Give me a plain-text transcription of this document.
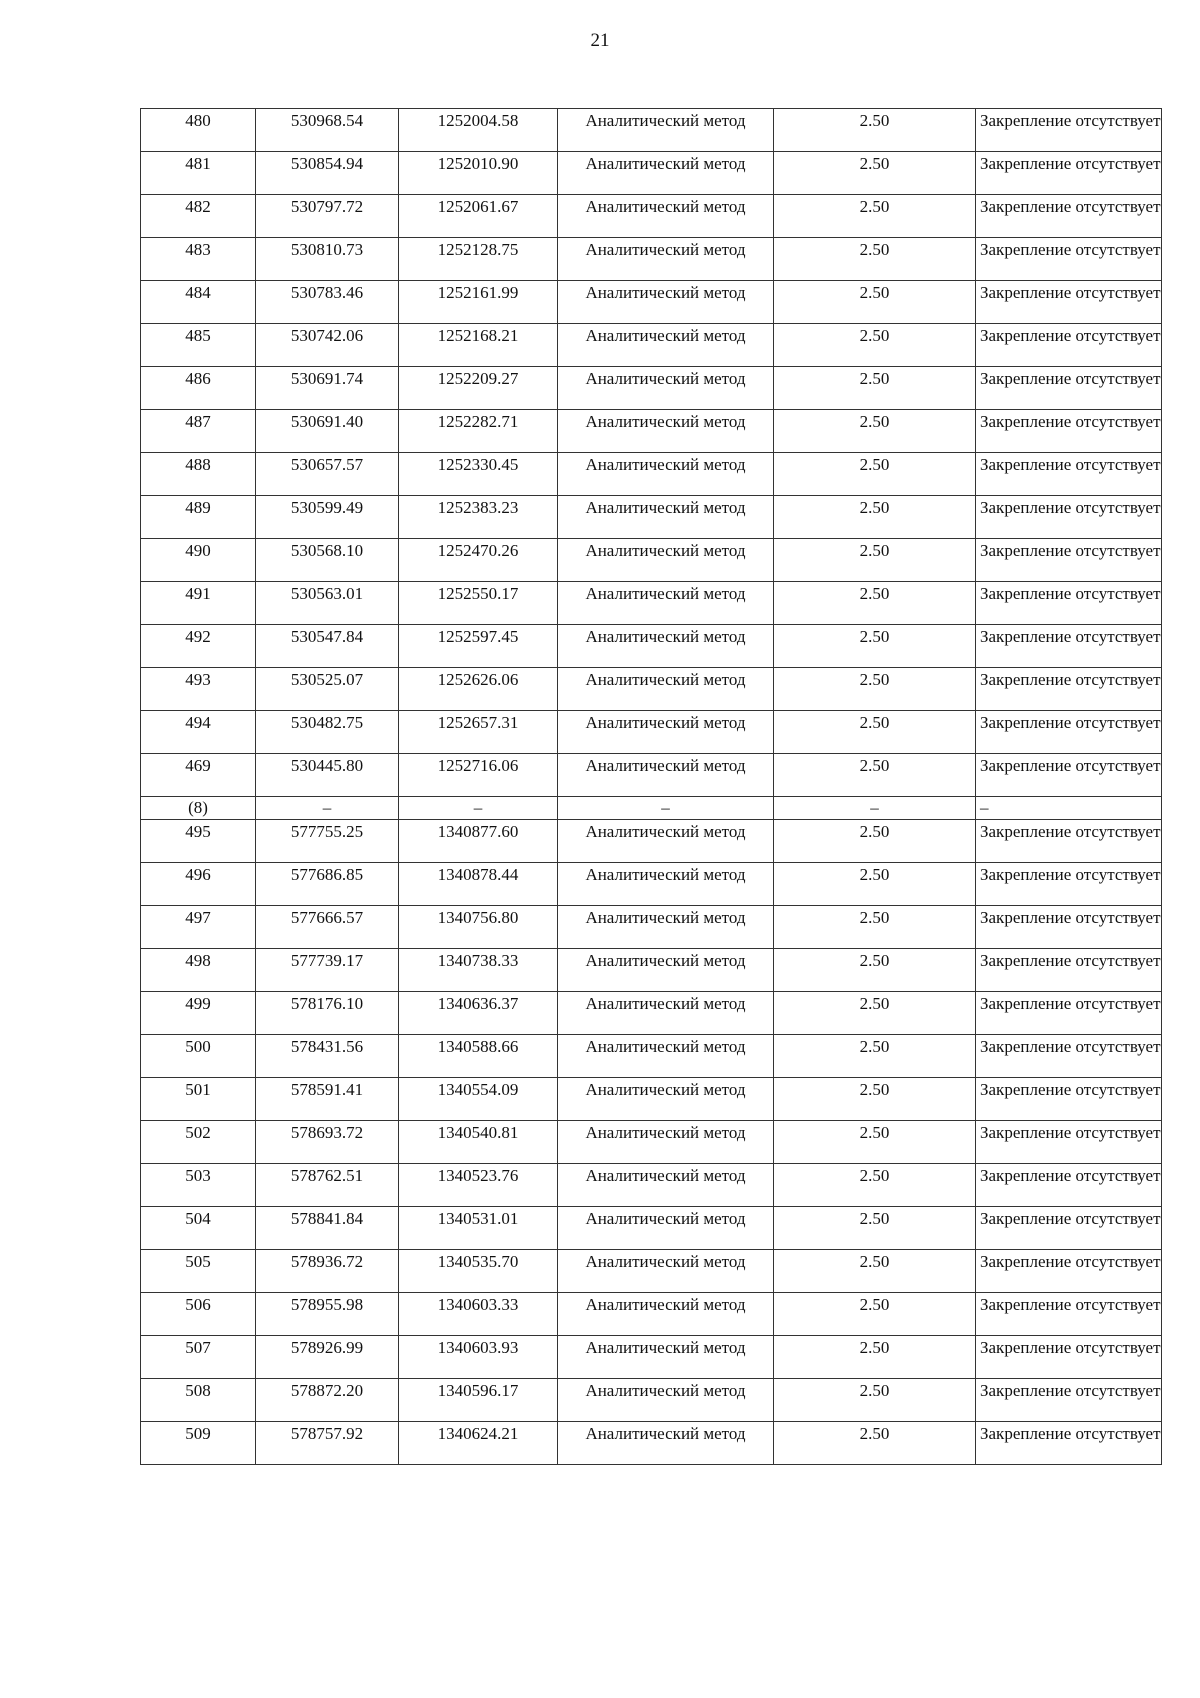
21
480	530968.54	1252004.58	Аналитический метод	2.50	Закрепление отсутствует
481	530854.94	1252010.90	Аналитический метод	2.50	Закрепление отсутствует
482	530797.72	1252061.67	Аналитический метод	2.50	Закрепление отсутствует
483	530810.73	1252128.75	Аналитический метод	2.50	Закрепление отсутствует
484	530783.46	1252161.99	Аналитический метод	2.50	Закрепление отсутствует
485	530742.06	1252168.21	Аналитический метод	2.50	Закрепление отсутствует
486	530691.74	1252209.27	Аналитический метод	2.50	Закрепление отсутствует
487	530691.40	1252282.71	Аналитический метод	2.50	Закрепление отсутствует
488	530657.57	1252330.45	Аналитический метод	2.50	Закрепление отсутствует
489	530599.49	1252383.23	Аналитический метод	2.50	Закрепление отсутствует
490	530568.10	1252470.26	Аналитический метод	2.50	Закрепление отсутствует
491	530563.01	1252550.17	Аналитический метод	2.50	Закрепление отсутствует
492	530547.84	1252597.45	Аналитический метод	2.50	Закрепление отсутствует
493	530525.07	1252626.06	Аналитический метод	2.50	Закрепление отсутствует
494	530482.75	1252657.31	Аналитический метод	2.50	Закрепление отсутствует
469	530445.80	1252716.06	Аналитический метод	2.50	Закрепление отсутствует
(8)	–	–	–	–	–
495	577755.25	1340877.60	Аналитический метод	2.50	Закрепление отсутствует
496	577686.85	1340878.44	Аналитический метод	2.50	Закрепление отсутствует
497	577666.57	1340756.80	Аналитический метод	2.50	Закрепление отсутствует
498	577739.17	1340738.33	Аналитический метод	2.50	Закрепление отсутствует
499	578176.10	1340636.37	Аналитический метод	2.50	Закрепление отсутствует
500	578431.56	1340588.66	Аналитический метод	2.50	Закрепление отсутствует
501	578591.41	1340554.09	Аналитический метод	2.50	Закрепление отсутствует
502	578693.72	1340540.81	Аналитический метод	2.50	Закрепление отсутствует
503	578762.51	1340523.76	Аналитический метод	2.50	Закрепление отсутствует
504	578841.84	1340531.01	Аналитический метод	2.50	Закрепление отсутствует
505	578936.72	1340535.70	Аналитический метод	2.50	Закрепление отсутствует
506	578955.98	1340603.33	Аналитический метод	2.50	Закрепление отсутствует
507	578926.99	1340603.93	Аналитический метод	2.50	Закрепление отсутствует
508	578872.20	1340596.17	Аналитический метод	2.50	Закрепление отсутствует
509	578757.92	1340624.21	Аналитический метод	2.50	Закрепление отсутствует
